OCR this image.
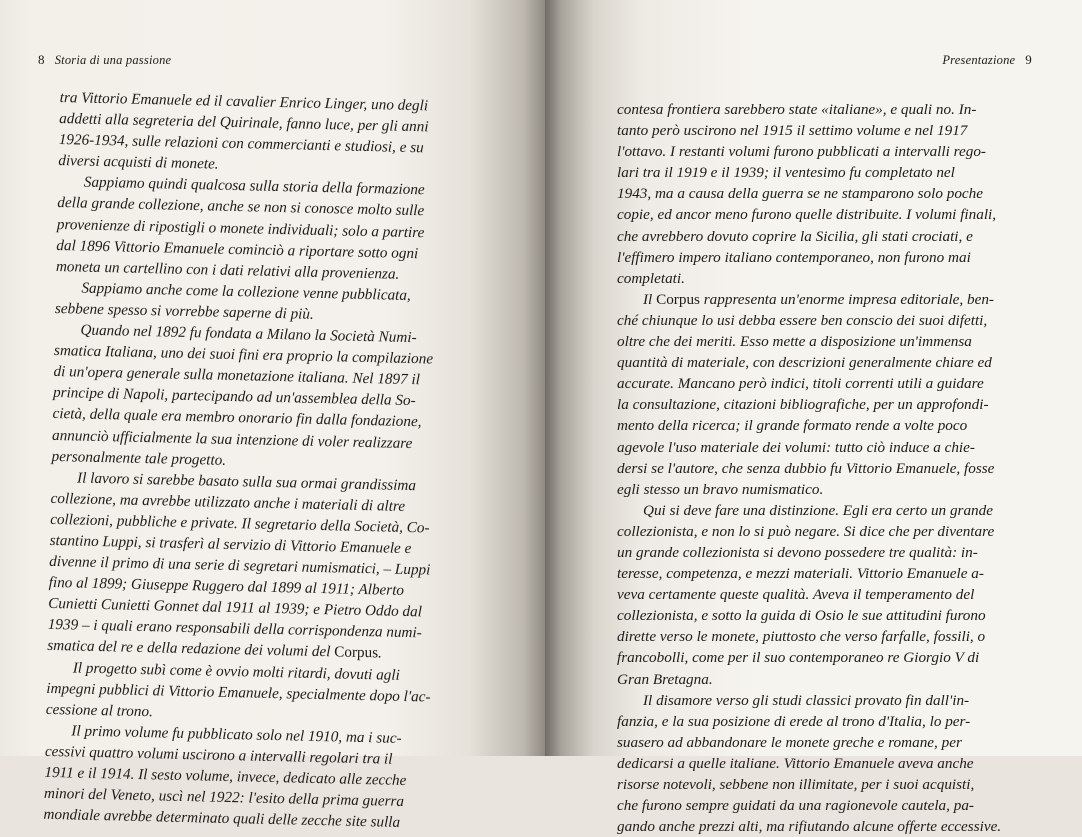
8 Storia di una passione
tra Vittorio Emanuele ed il cavalier Enrico Linger, uno degli
addetti alla segreteria del Quirinale, fanno luce, per gli anni
1926-1934, sulle relazioni con commercianti e studiosi, e su
diversi acquisti di monete.
Sappiamo quindi qualcosa sulla storia della formazione
della grande collezione, anche se non si conosce molto sulle
provenienze di ripostigli o monete individuali; solo a partire
dal 1896 Vittorio Emanuele cominciò a riportare sotto ogni
moneta un cartellino con i dati relativi alla provenienza.
Sappiamo anche come la collezione venne pubblicata,
sebbene spesso si vorrebbe saperne di più.
Quando nel 1892 fu fondata a Milano la Società Numi-
smatica Italiana, uno dei suoi fini era proprio la compilazione
di un'opera generale sulla monetazione italiana. Nel 1897 il
principe di Napoli, partecipando ad un'assemblea della So-
cietà, della quale era membro onorario fin dalla fondazione,
annunciò ufficialmente la sua intenzione di voler realizzare
personalmente tale progetto.
Il lavoro si sarebbe basato sulla sua ormai grandissima
collezione, ma avrebbe utilizzato anche i materiali di altre
collezioni, pubbliche e private. Il segretario della Società, Co-
stantino Luppi, si trasferì al servizio di Vittorio Emanuele e
divenne il primo di una serie di segretari numismatici, – Luppi
fino al 1899; Giuseppe Ruggero dal 1899 al 1911; Alberto
Cunietti Cunietti Gonnet dal 1911 al 1939; e Pietro Oddo dal
1939 – i quali erano responsabili della corrispondenza numi-
smatica del re e della redazione dei volumi del Corpus.
Il progetto subì come è ovvio molti ritardi, dovuti agli
impegni pubblici di Vittorio Emanuele, specialmente dopo l'ac-
cessione al trono.
Il primo volume fu pubblicato solo nel 1910, ma i suc-
cessivi quattro volumi uscirono a intervalli regolari tra il
1911 e il 1914. Il sesto volume, invece, dedicato alle zecche
minori del Veneto, uscì nel 1922: l'esito della prima guerra
mondiale avrebbe determinato quali delle zecche site sulla
Presentazione 9
contesa frontiera sarebbero state «italiane», e quali no. In-
tanto però uscirono nel 1915 il settimo volume e nel 1917
l'ottavo. I restanti volumi furono pubblicati a intervalli rego-
lari tra il 1919 e il 1939; il ventesimo fu completato nel
1943, ma a causa della guerra se ne stamparono solo poche
copie, ed ancor meno furono quelle distribuite. I volumi finali,
che avrebbero dovuto coprire la Sicilia, gli stati crociati, e
l'effimero impero italiano contemporaneo, non furono mai
completati.
Il Corpus rappresenta un'enorme impresa editoriale, ben-
ché chiunque lo usi debba essere ben conscio dei suoi difetti,
oltre che dei meriti. Esso mette a disposizione un'immensa
quantità di materiale, con descrizioni generalmente chiare ed
accurate. Mancano però indici, titoli correnti utili a guidare
la consultazione, citazioni bibliografiche, per un approfondi-
mento della ricerca; il grande formato rende a volte poco
agevole l'uso materiale dei volumi: tutto ciò induce a chie-
dersi se l'autore, che senza dubbio fu Vittorio Emanuele, fosse
egli stesso un bravo numismatico.
Qui si deve fare una distinzione. Egli era certo un grande
collezionista, e non lo si può negare. Si dice che per diventare
un grande collezionista si devono possedere tre qualità: in-
teresse, competenza, e mezzi materiali. Vittorio Emanuele a-
veva certamente queste qualità. Aveva il temperamento del
collezionista, e sotto la guida di Osio le sue attitudini furono
dirette verso le monete, piuttosto che verso farfalle, fossili, o
francobolli, come per il suo contemporaneo re Giorgio V di
Gran Bretagna.
Il disamore verso gli studi classici provato fin dall'in-
fanzia, e la sua posizione di erede al trono d'Italia, lo per-
suasero ad abbandonare le monete greche e romane, per
dedicarsi a quelle italiane. Vittorio Emanuele aveva anche
risorse notevoli, sebbene non illimitate, per i suoi acquisti,
che furono sempre guidati da una ragionevole cautela, pa-
gando anche prezzi alti, ma rifiutando alcune offerte eccessive.
